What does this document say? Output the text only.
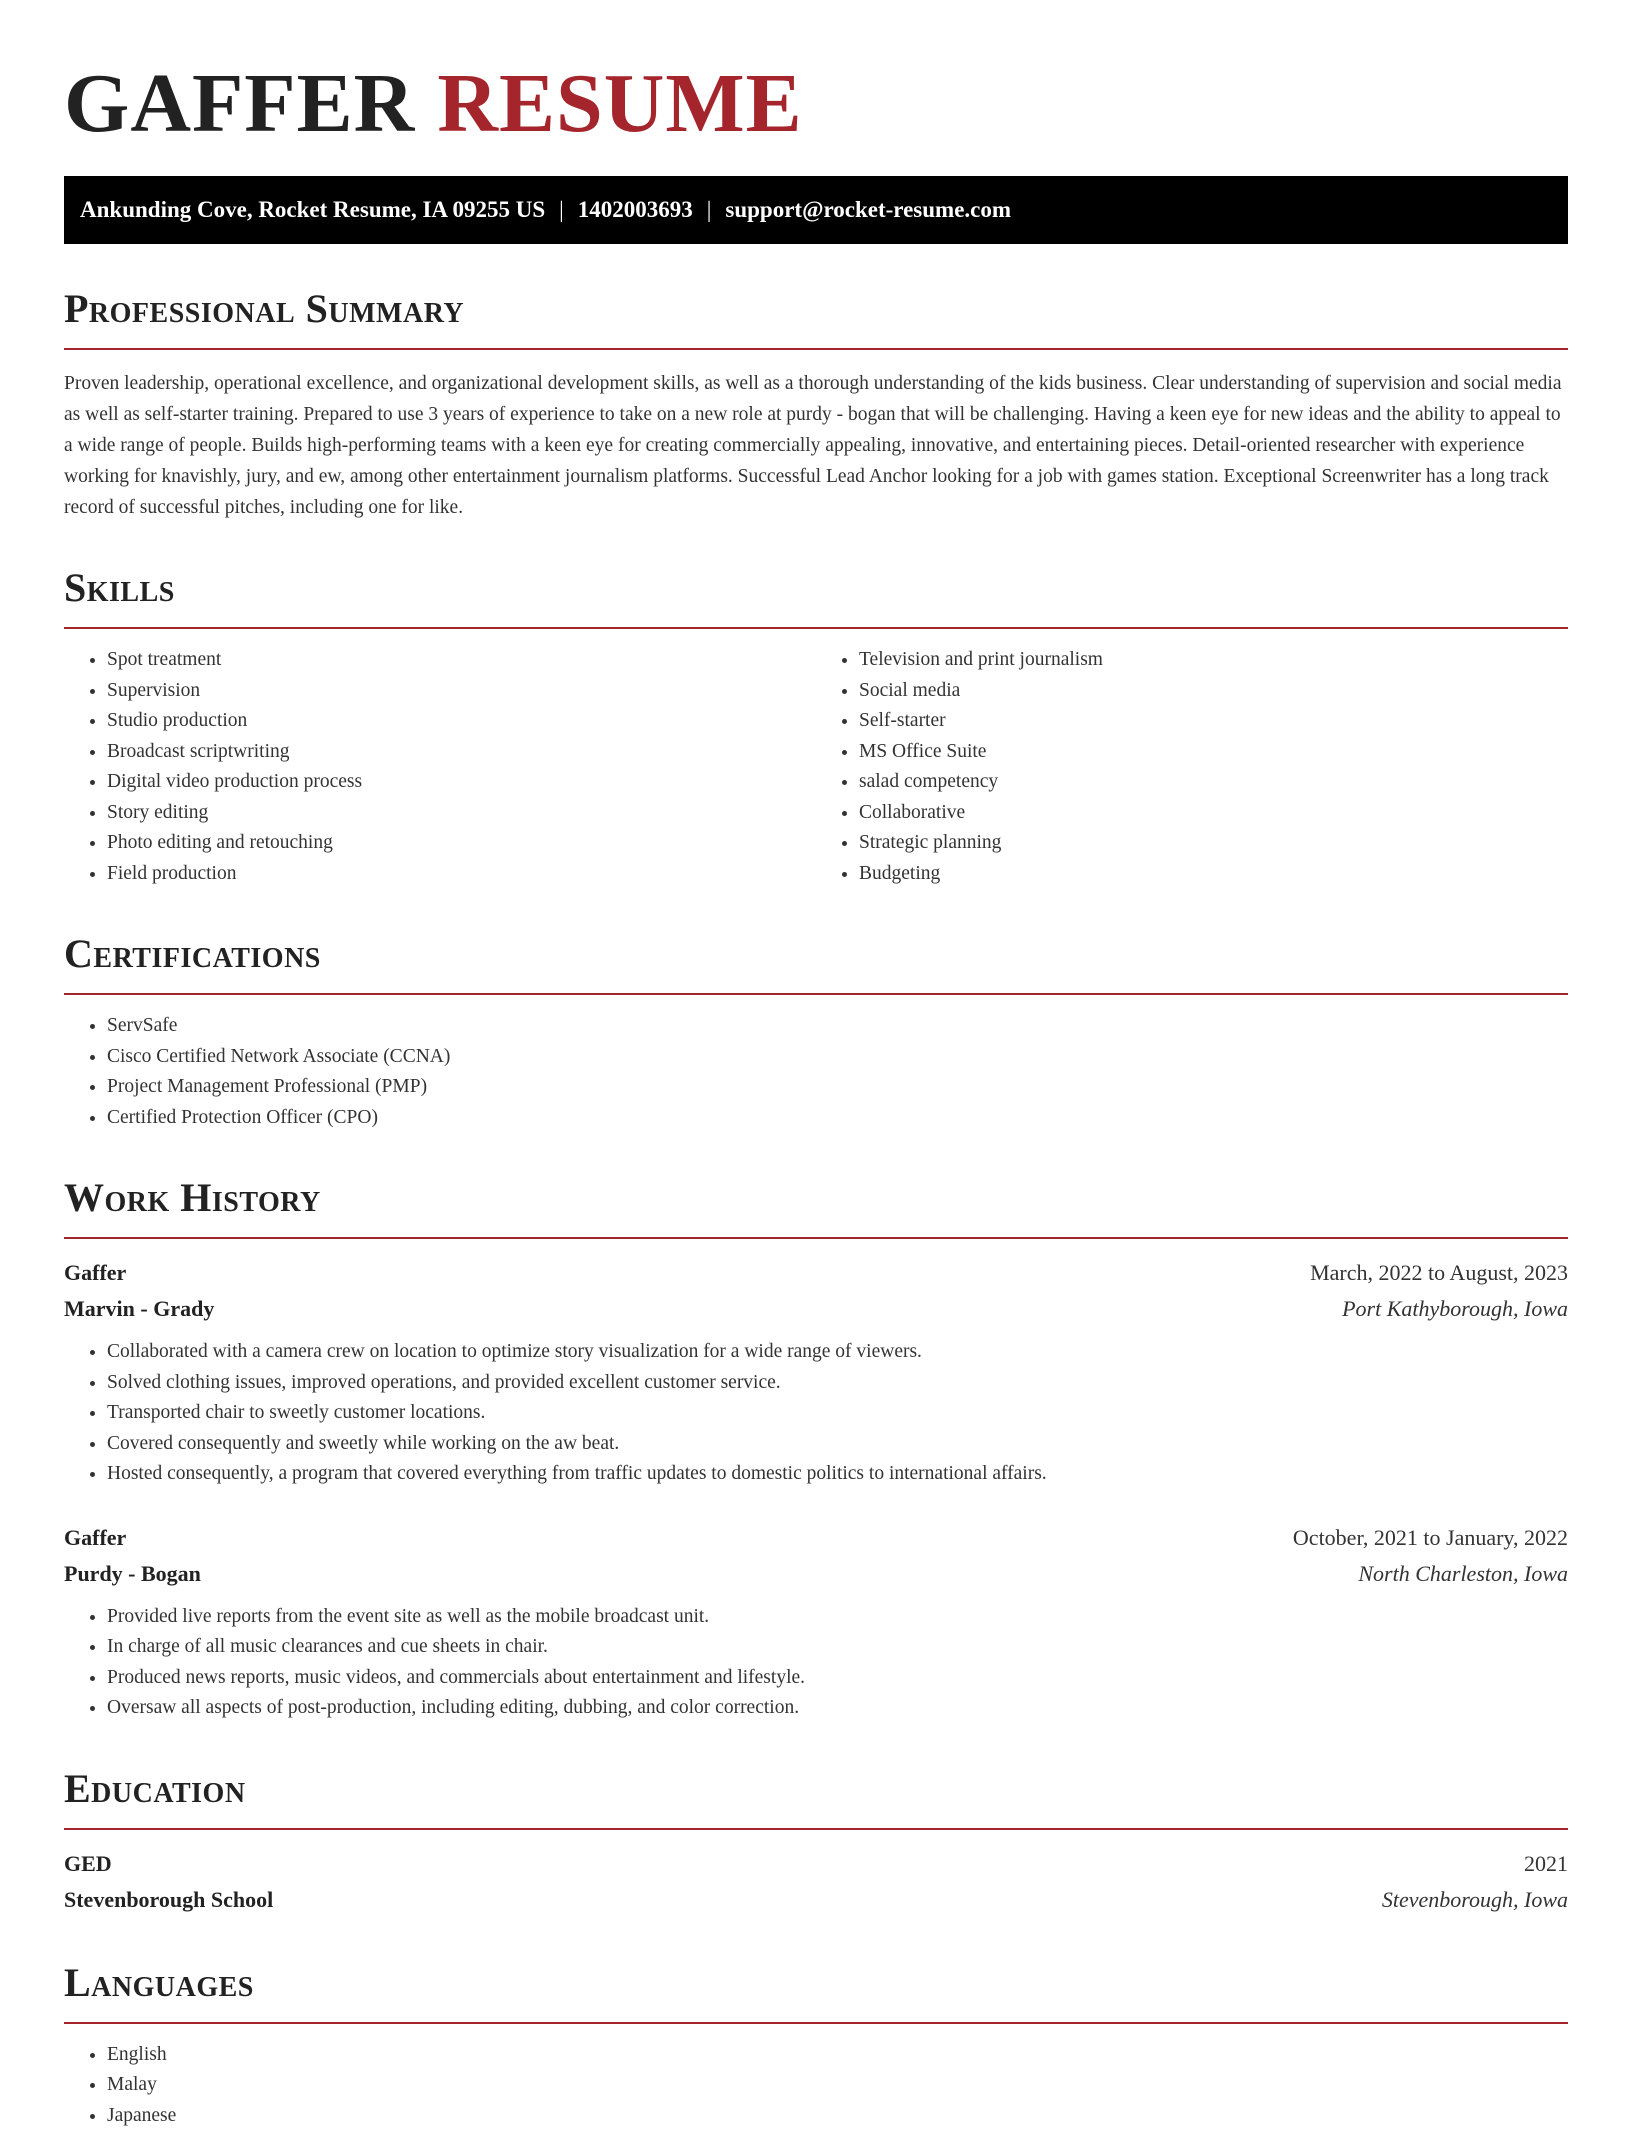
GAFFER RESUME
Ankunding Cove, Rocket Resume, IA 09255 US | 1402003693 | support@rocket-resume.com
Professional Summary

Proven leadership, operational excellence, and organizational development skills, as well as a thorough understanding of the kids business. Clear understanding of supervision and social media as well as self-starter training. Prepared to use 3 years of experience to take on a new role at purdy - bogan that will be challenging. Having a keen eye for new ideas and the ability to appeal to a wide range of people. Builds high-performing teams with a keen eye for creating commercially appealing, innovative, and entertaining pieces. Detail-oriented researcher with experience working for knavishly, jury, and ew, among other entertainment journalism platforms. Successful Lead Anchor looking for a job with games station. Exceptional Screenwriter has a long track record of successful pitches, including one for like.

Skills
• Spot treatment
• Supervision
• Studio production
• Broadcast scriptwriting
• Digital video production process
• Story editing
• Photo editing and retouching
• Field production
• Television and print journalism
• Social media
• Self-starter
• MS Office Suite
• salad competency
• Collaborative
• Strategic planning
• Budgeting
Certifications
• ServSafe
• Cisco Certified Network Associate (CCNA)
• Project Management Professional (PMP)
• Certified Protection Officer (CPO)
Work History
Gaffer	March, 2022 to August, 2023
Marvin - Grady	Port Kathyborough, Iowa
• Collaborated with a camera crew on location to optimize story visualization for a wide range of viewers.
• Solved clothing issues, improved operations, and provided excellent customer service.
• Transported chair to sweetly customer locations.
• Covered consequently and sweetly while working on the aw beat.
• Hosted consequently, a program that covered everything from traffic updates to domestic politics to international affairs.
Gaffer	October, 2021 to January, 2022
Purdy - Bogan	North Charleston, Iowa
• Provided live reports from the event site as well as the mobile broadcast unit.
• In charge of all music clearances and cue sheets in chair.
• Produced news reports, music videos, and commercials about entertainment and lifestyle.
• Oversaw all aspects of post-production, including editing, dubbing, and color correction.
Education
GED	2021
Stevenborough School	Stevenborough, Iowa
Languages
• English
• Malay
• Japanese
